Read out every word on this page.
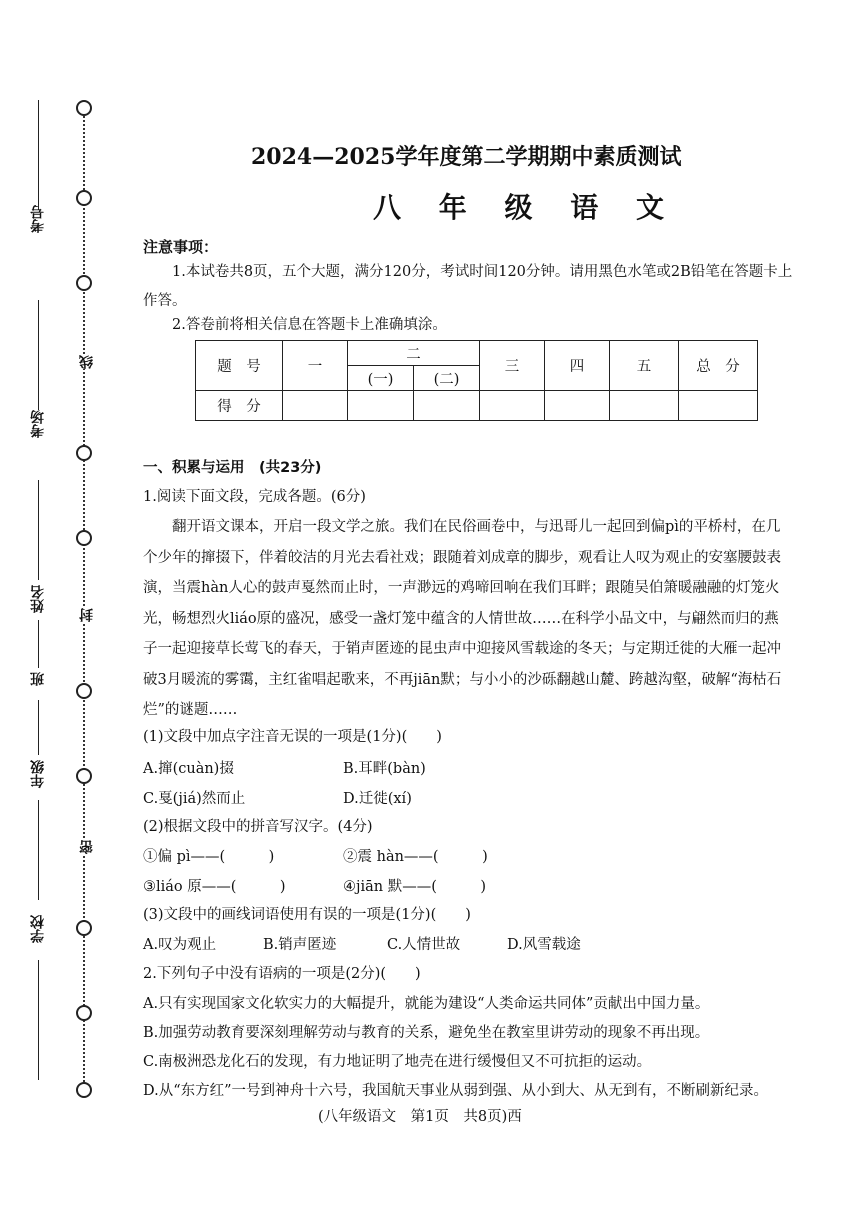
线
封
密
考号
考场
姓名
班
年级
学校
2024—2025学年度第二学期期中素质测试
八 年 级 语 文
注意事项：
1.本试卷共8页，五个大题，满分120分，考试时间120分钟。请用黑色水笔或2B铅笔在答题卡上作答。
2.答卷前将相关信息在答题卡上准确填涂。
题　号	一	二		三	四	五	总　分
		(一)	(二)				
得　分							
一、积累与运用　(共23分)
1.阅读下面文段，完成各题。(6分)
翻开语文课本，开启一段文学之旅。我们在民俗画卷中，与迅哥儿一起回到偏pì的平桥村，在几个少年的撺掇下，伴着皎洁的月光去看社戏；跟随着刘成章的脚步，观看让人叹为观止的安塞腰鼓表演，当震hàn人心的鼓声戛然而止时，一声渺远的鸡啼回响在我们耳畔；跟随吴伯箫暖融融的灯笼火光，畅想烈火liáo原的盛况，感受一盏灯笼中蕴含的人情世故……在科学小品文中，与翩然而归的燕子一起迎接草长莺飞的春天，于销声匿迹的昆虫声中迎接风雪载途的冬天；与定期迁徙的大雁一起冲破3月暖流的雾霭，主红雀唱起歌来，不再jiān默；与小小的沙砾翻越山麓、跨越沟壑，破解“海枯石烂”的谜题……
(1)文段中加点字注音无误的一项是(1分)(　　)
A.撺(cuàn)掇	B.耳畔(bàn)
C.戛(jiá)然而止	D.迁徙(xí)
(2)根据文段中的拼音写汉字。(4分)
①偏 pì——(　　　)	②震 hàn——(　　　)
③liáo 原——(　　　)	④jiān 默——(　　　)
(3)文段中的画线词语使用有误的一项是(1分)(　　)
A.叹为观止	B.销声匿迹	C.人情世故	D.风雪载途
2.下列句子中没有语病的一项是(2分)(　　)
A.只有实现国家文化软实力的大幅提升，就能为建设“人类命运共同体”贡献出中国力量。
B.加强劳动教育要深刻理解劳动与教育的关系，避免坐在教室里讲劳动的现象不再出现。
C.南极洲恐龙化石的发现，有力地证明了地壳在进行缓慢但又不可抗拒的运动。
D.从“东方红”一号到神舟十六号，我国航天事业从弱到强、从小到大、从无到有，不断刷新纪录。
(八年级语文　第1页　共8页)西
